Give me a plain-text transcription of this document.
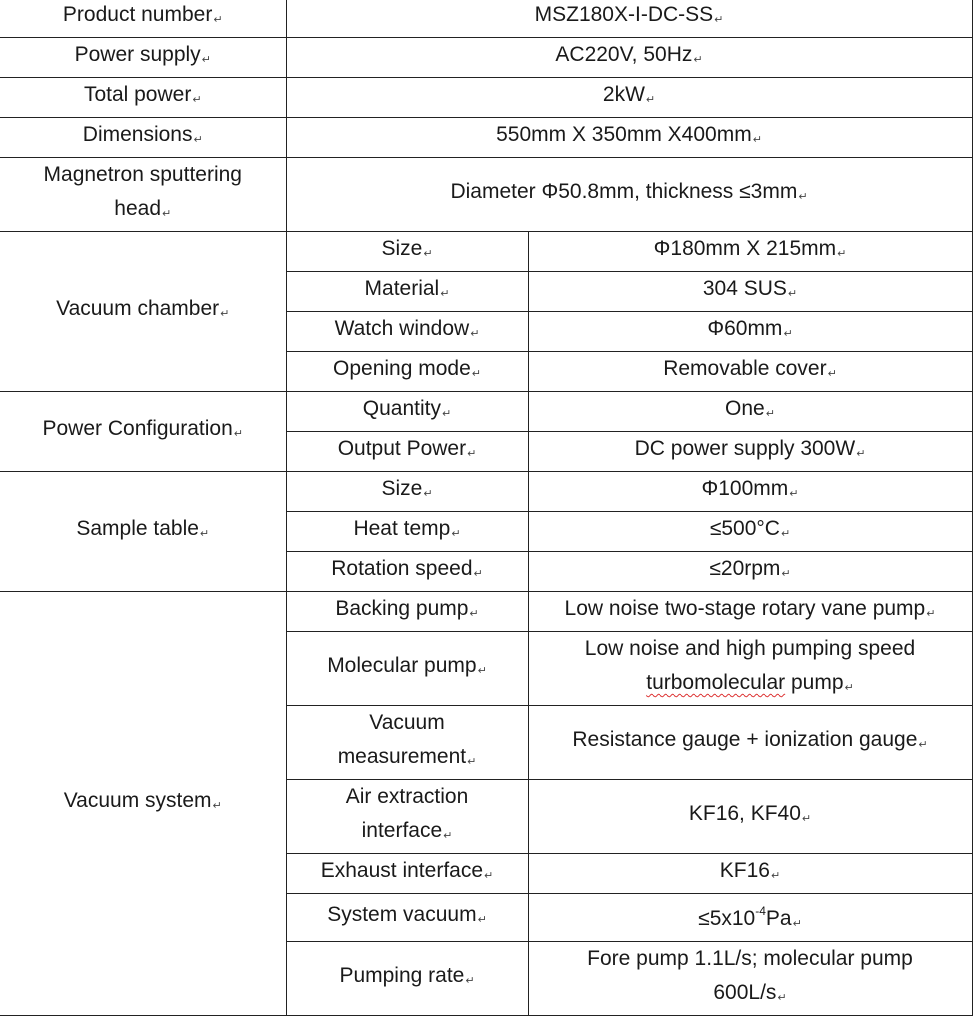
Product number ↵	MSZ180X-I-DC-SS ↵
Power supply ↵	AC220V, 50Hz ↵
Total power ↵	2kW ↵
Dimensions ↵	550mm X 350mm X400mm ↵
Magnetron sputtering
head ↵	Diameter Φ50.8mm, thickness ≤3mm ↵
Vacuum chamber ↵	Size ↵	Φ180mm X 215mm ↵
	Material ↵	304 SUS ↵
	Watch window ↵	Φ60mm ↵
	Opening mode ↵	Removable cover ↵
Power Configuration ↵	Quantity ↵	One ↵
	Output Power ↵	DC power supply 300W ↵
Sample table ↵	Size ↵	Φ100mm ↵
	Heat temp ↵	≤500°C ↵
	Rotation speed ↵	≤20rpm ↵
Vacuum system ↵	Backing pump ↵	Low noise two-stage rotary vane pump ↵
	Molecular pump ↵	Low noise and high pumping speed
turbomolecular pump ↵
	Vacuum
measurement ↵	Resistance gauge + ionization gauge ↵
	Air extraction
interface ↵	KF16, KF40 ↵
	Exhaust interface ↵	KF16 ↵
	System vacuum ↵	$\le 5x10^{-4}Pa$ ↵
	Pumping rate ↵	Fore pump 1.1L/s; molecular pump
600L/s ↵
